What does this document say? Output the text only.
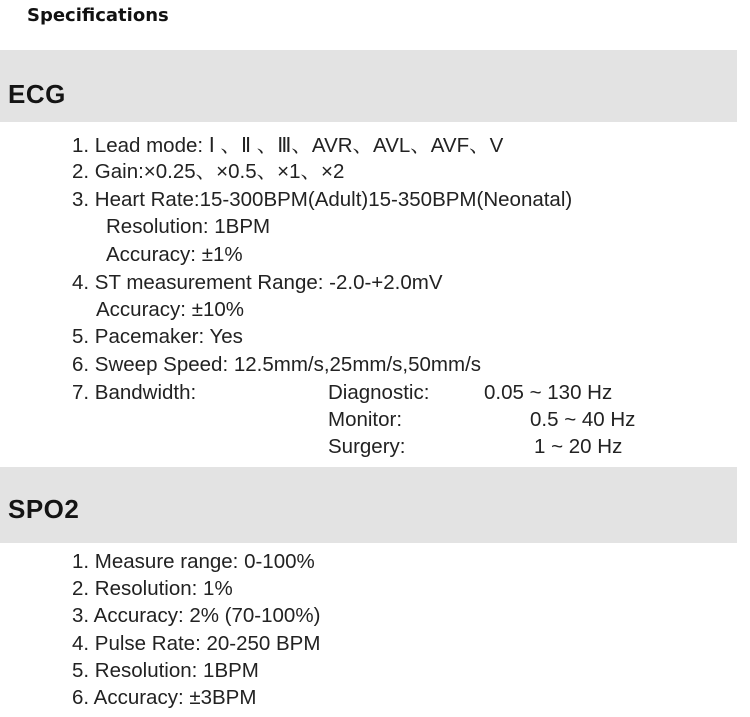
Specifications
ECG
1. Lead mode: Ⅰ 、Ⅱ 、Ⅲ、AVR、AVL、AVF、V
2. Gain:×0.25、×0.5、×1、×2
3. Heart Rate:15-300BPM(Adult)15-350BPM(Neonatal)
Resolution: 1BPM
Accuracy: ±1%
4. ST measurement Range: -2.0-+2.0mV
Accuracy: ±10%
5. Pacemaker: Yes
6. Sweep Speed: 12.5mm/s,25mm/s,50mm/s
7. Bandwidth:	Diagnostic:	0.05 ~ 130 Hz
Monitor:	0.5 ~ 40 Hz
Surgery:	1 ~ 20 Hz
SPO2
1. Measure range: 0-100%
2. Resolution: 1%
3. Accuracy: 2% (70-100%)
4. Pulse Rate: 20-250 BPM
5. Resolution: 1BPM
6. Accuracy: ±3BPM
